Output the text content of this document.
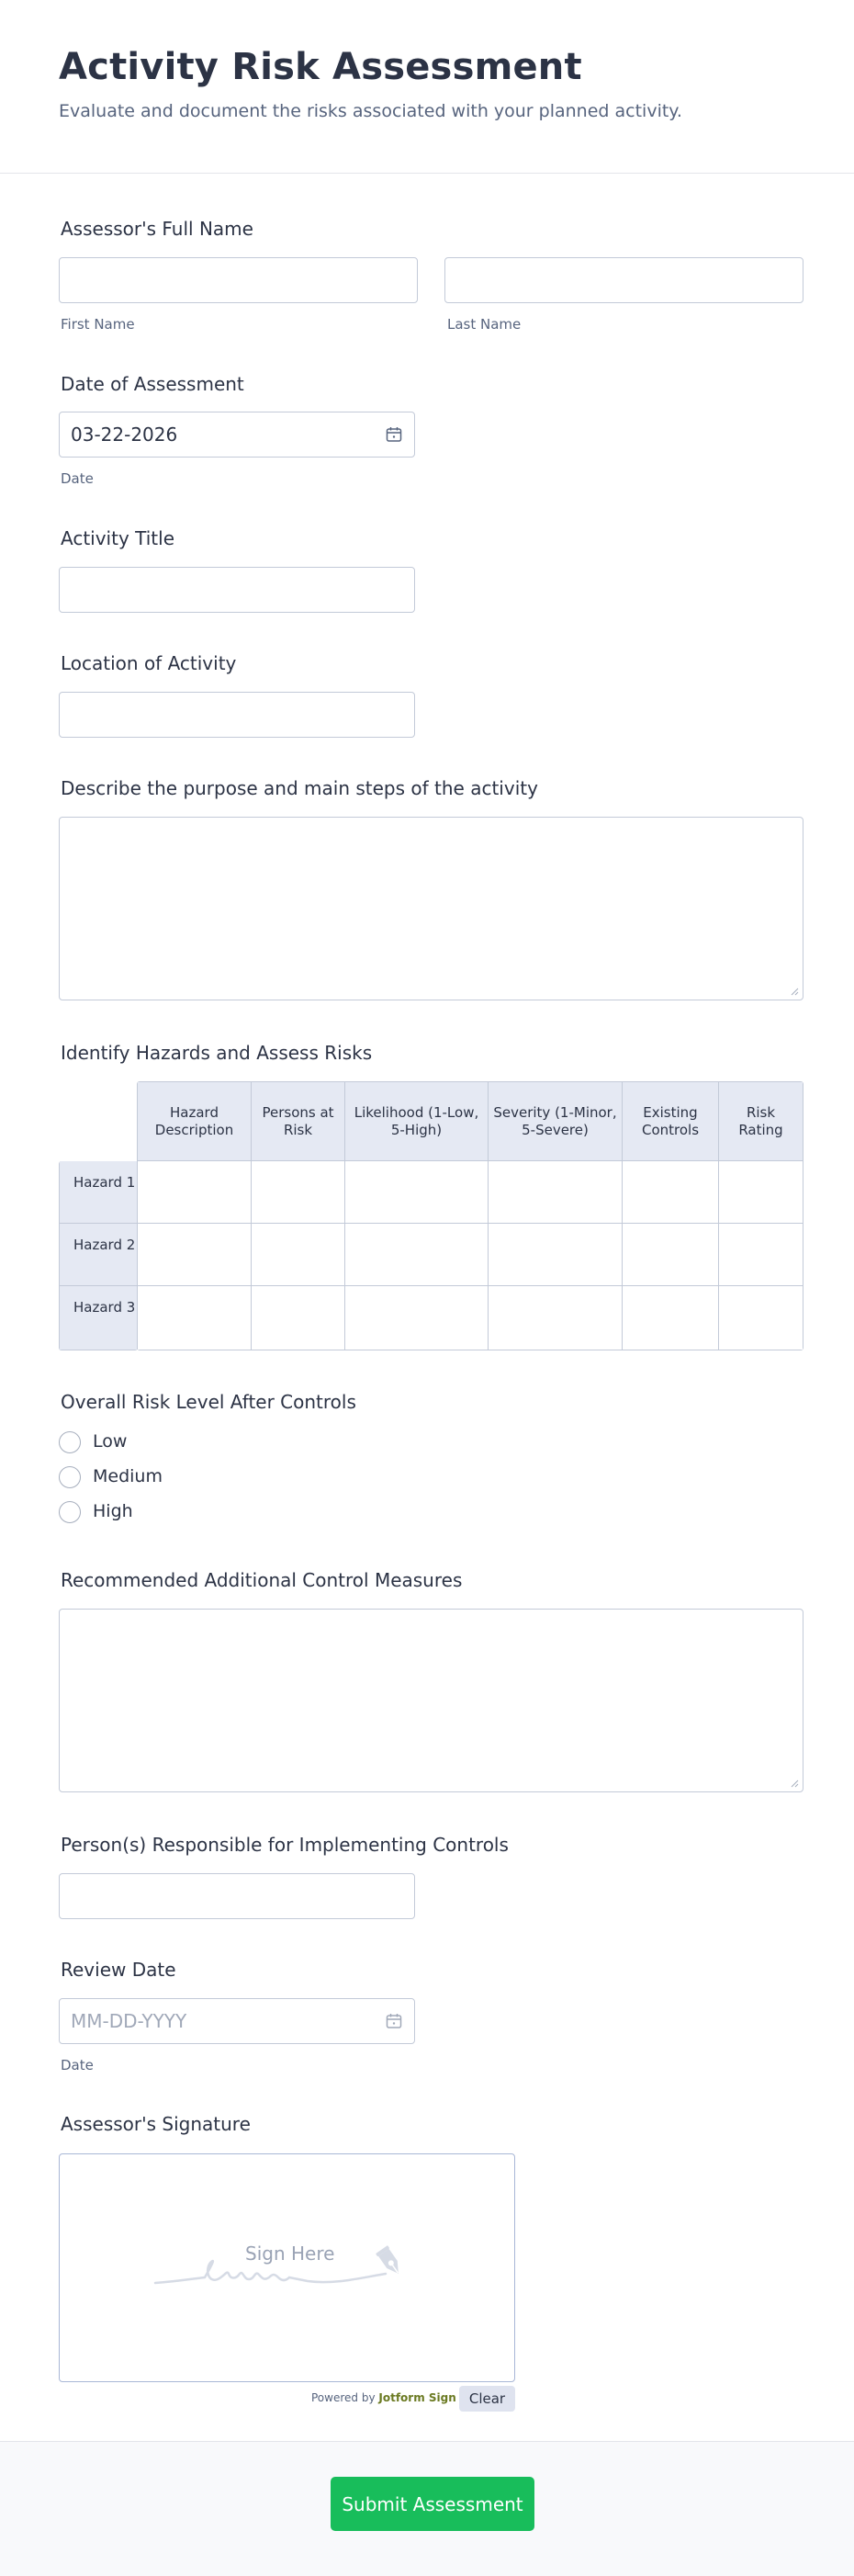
Activity Risk Assessment
Evaluate and document the risks associated with your planned activity.
Assessor's Full Name
First Name	Last Name
Date of Assessment
03-22-2026
Date
Activity Title
Location of Activity
Describe the purpose and main steps of the activity
Identify Hazards and Assess Risks
Hazard Description
Persons at Risk
Likelihood (1-Low, 5-High)
Severity (1-Minor, 5-Severe)
Existing Controls
Risk Rating
Hazard 1
Hazard 2
Hazard 3
Overall Risk Level After Controls
Low
Medium
High
Recommended Additional Control Measures
Person(s) Responsible for Implementing Controls
Review Date
MM-DD-YYYY
Date
Assessor's Signature
Sign Here
Powered by Jotform Sign Clear
Submit Assessment
